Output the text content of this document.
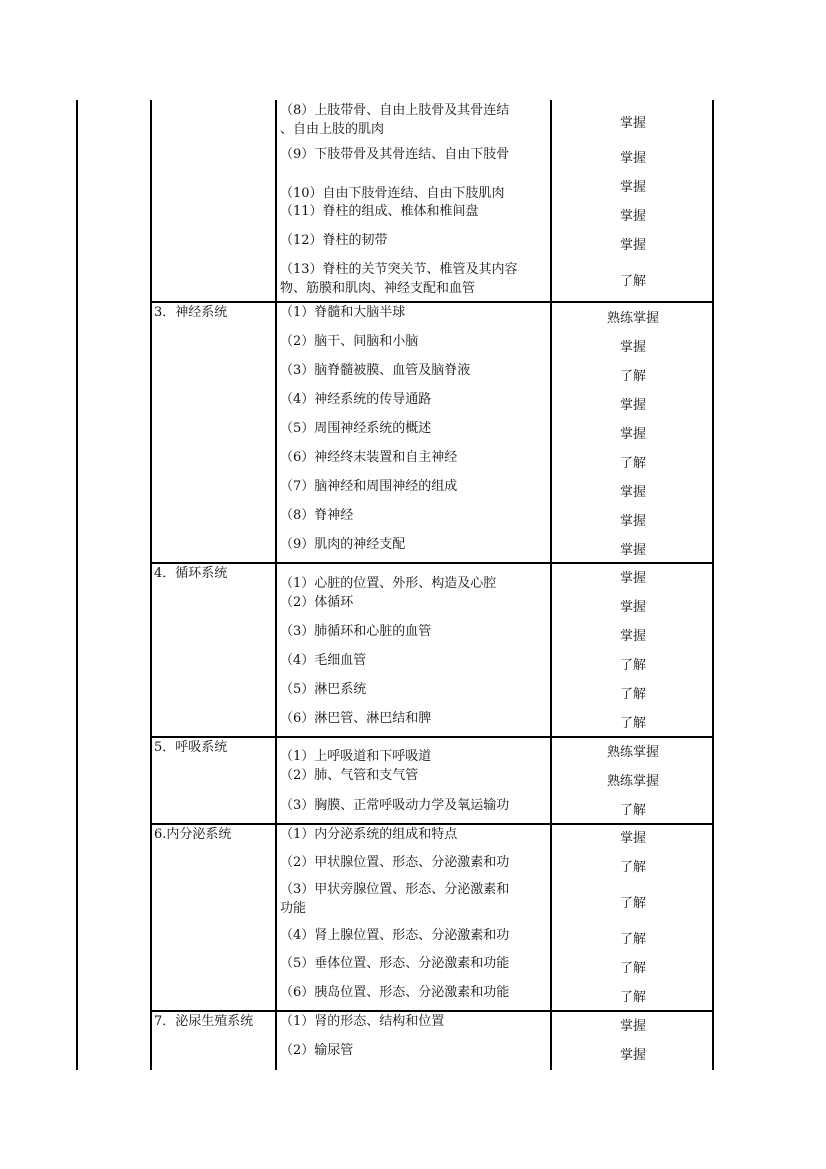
（8）上肢带骨、自由上肢骨及其骨连结
、自由上肢的肌肉	掌握
（9）下肢带骨及其骨连结、自由下肢骨	掌握
（10）自由下肢骨连结、自由下肢肌肉	掌握
（11）脊柱的组成、椎体和椎间盘	掌握
（12）脊柱的韧带	掌握
（13）脊柱的关节突关节、椎管及其内容
物、筋膜和肌肉、神经支配和血管	了解
3．神经系统	（1）脊髓和大脑半球	熟练掌握
（2）脑干、间脑和小脑	掌握
（3）脑脊髓被膜、血管及脑脊液	了解
（4）神经系统的传导通路	掌握
（5）周围神经系统的概述	掌握
（6）神经终末装置和自主神经	了解
（7）脑神经和周围神经的组成	掌握
（8）脊神经	掌握
（9）肌肉的神经支配	掌握
4．循环系统
（1）心脏的位置、外形、构造及心腔	掌握
（2）体循环	掌握
（3）肺循环和心脏的血管	掌握
（4）毛细血管	了解
（5）淋巴系统	了解
（6）淋巴管、淋巴结和脾	了解
5．呼吸系统
（1）上呼吸道和下呼吸道	熟练掌握
（2）肺、气管和支气管	熟练掌握
（3）胸膜、正常呼吸动力学及氧运输功	了解
6.内分泌系统	（1）内分泌系统的组成和特点	掌握
（2）甲状腺位置、形态、分泌激素和功	了解
（3）甲状旁腺位置、形态、分泌激素和
功能	了解
（4）肾上腺位置、形态、分泌激素和功	了解
（5）垂体位置、形态、分泌激素和功能	了解
（6）胰岛位置、形态、分泌激素和功能	了解
7．泌尿生殖系统 （1）肾的形态、结构和位置	掌握
（2）输尿管	掌握
